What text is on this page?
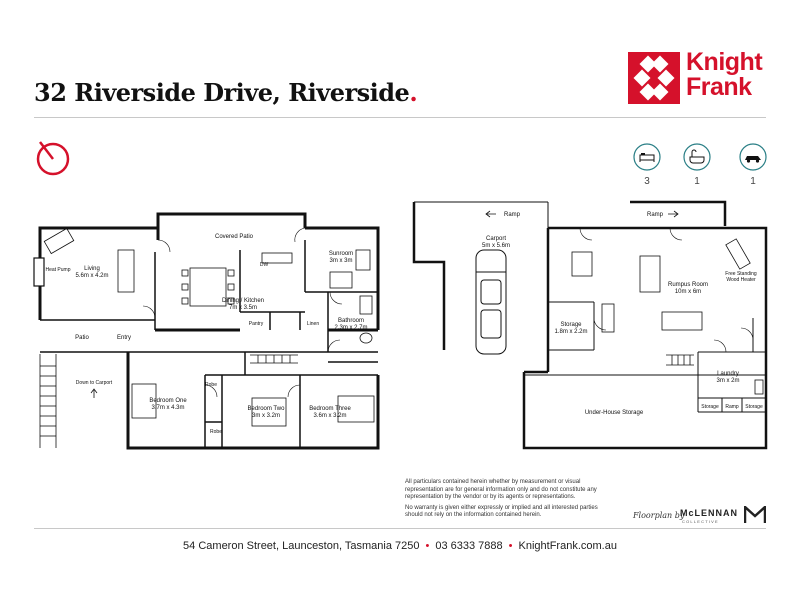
32 Riverside Drive, Riverside.
Knight
Frank
3	1	1
Covered Patio
Sunroom
3m x 3m
Living
5.6m x 4.2m
Heat Pump
Dining / Kitchen
7m x 3.5m
DW
Pantry	Linen	Bathroom
2.3m x 2.7m
Patio	Entry
Down to Carport
Bedroom One
3.7m x 4.3m
Robe
Robe
Bedroom Two
3m x 3.2m
Bedroom Three
3.6m x 3.2m
Ramp	Ramp
Carport
5m x 5.6m
Storage
1.8m x 2.2m
Rumpus Room
10m x 6m
Free Standing
Wood Heater
Laundry
3m x 2m
Storage Ramp Storage
Under-House Storage

All particulars contained herein whether by measurement or visual representation are for general information only and do not constitute any representation by the vendor or by its agents or representations.

No warranty is given either expressly or implied and all interested parties should not rely on the information contained herein.	Floorplan by
McLENNAN
COLLECTIVE
54 Cameron Street, Launceston, Tasmania 7250 • 03 6333 7888 • KnightFrank.com.au
